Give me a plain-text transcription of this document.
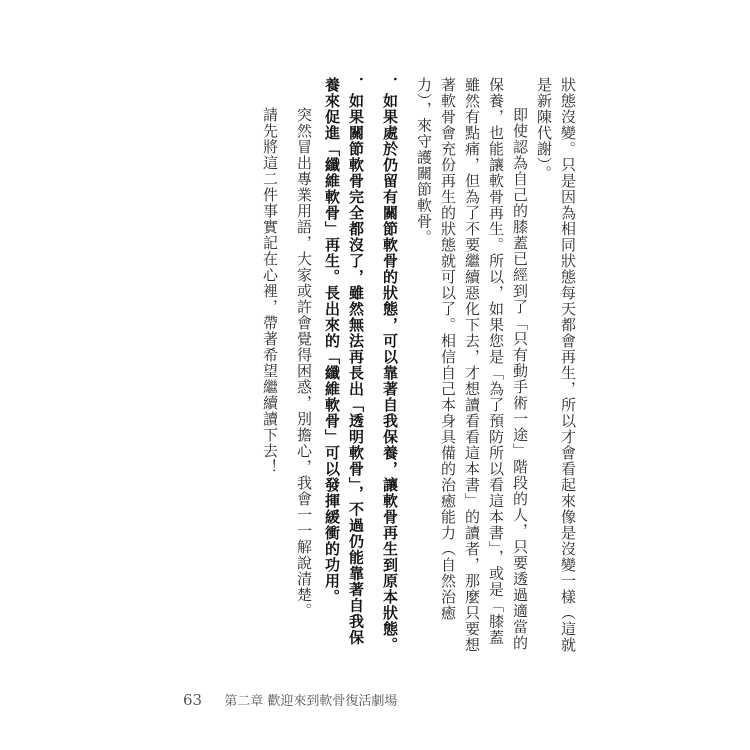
狀態沒變。只是因為相同狀態每天都會再生，所以才會看起來像是沒變一樣（這就是新陳代謝）。

即使認為自己的膝蓋已經到了「只有動手術一途」階段的人，只要透過適當的保養，也能讓軟骨再生。所以，如果您是「為了預防所以看這本書」，或是「膝蓋雖然有點痛，但為了不要繼續惡化下去，才想讀看看這本書」的讀者，那麼只要想著軟骨會充份再生的狀態就可以了。相信自己本身具備的治癒能力（自然治癒力），來守護關節軟骨。

．如果處於仍留有關節軟骨的狀態，可以靠著自我保養，讓軟骨再生到原本狀態。

．如果關節軟骨完全都沒了，雖然無法再長出「透明軟骨」，不過仍能靠著自我保養來促進「纖維軟骨」再生。長出來的「纖維軟骨」可以發揮緩衝的功用。

突然冒出專業用語，大家或許會覺得困惑，別擔心，我會一一解說清楚。

請先將這二件事實記在心裡，帶著希望繼續讀下去！

63 第二章 歡迎來到軟骨復活劇場
